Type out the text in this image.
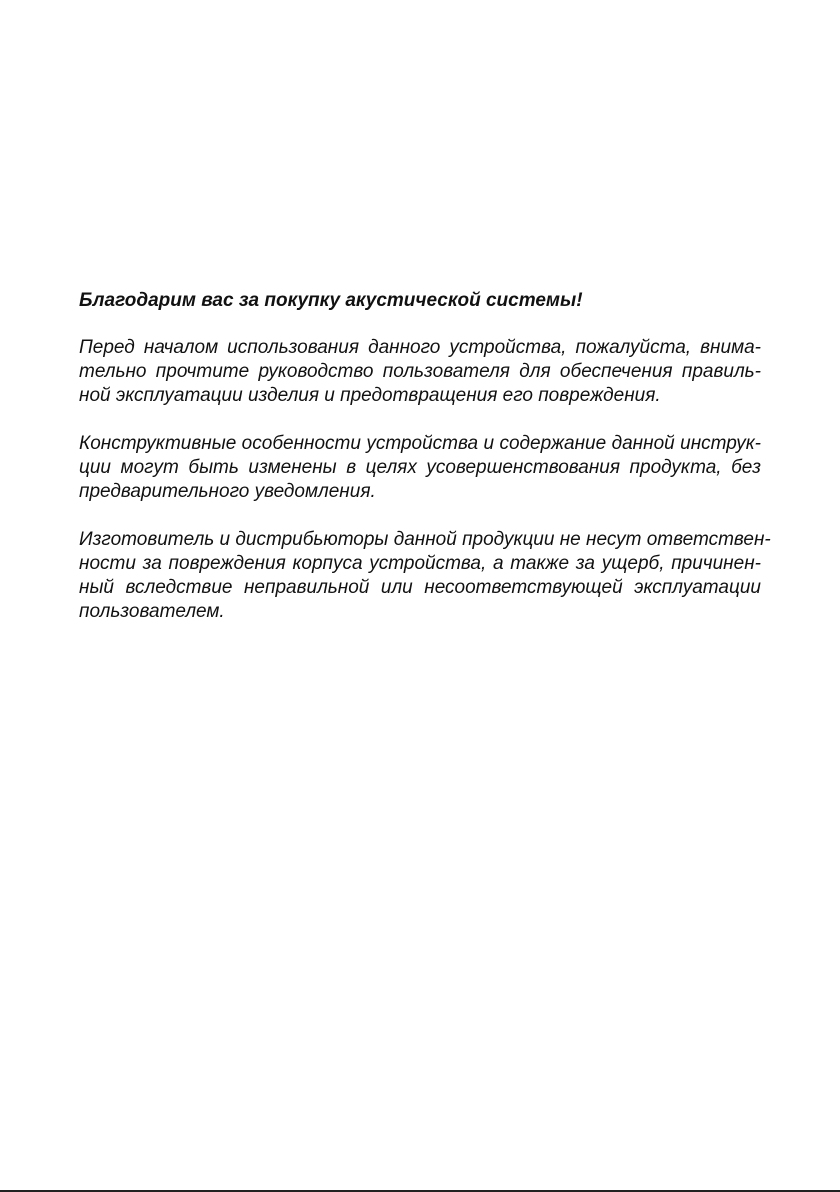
Благодарим вас за покупку акустической системы!

Перед началом использования данного устройства, пожалуйста, внима-
тельно прочтите руководство пользователя для обеспечения правиль-
ной эксплуатации изделия и предотвращения его повреждения.
Конструктивные особенности устройства и содержание данной инструк-
ции могут быть изменены в целях усовершенствования продукта, без
предварительного уведомления.
Изготовитель и дистрибьюторы данной продукции не несут ответствен-
ности за повреждения корпуса устройства, а также за ущерб, причинен-
ный вследствие неправильной или несоответствующей эксплуатации
пользователем.
